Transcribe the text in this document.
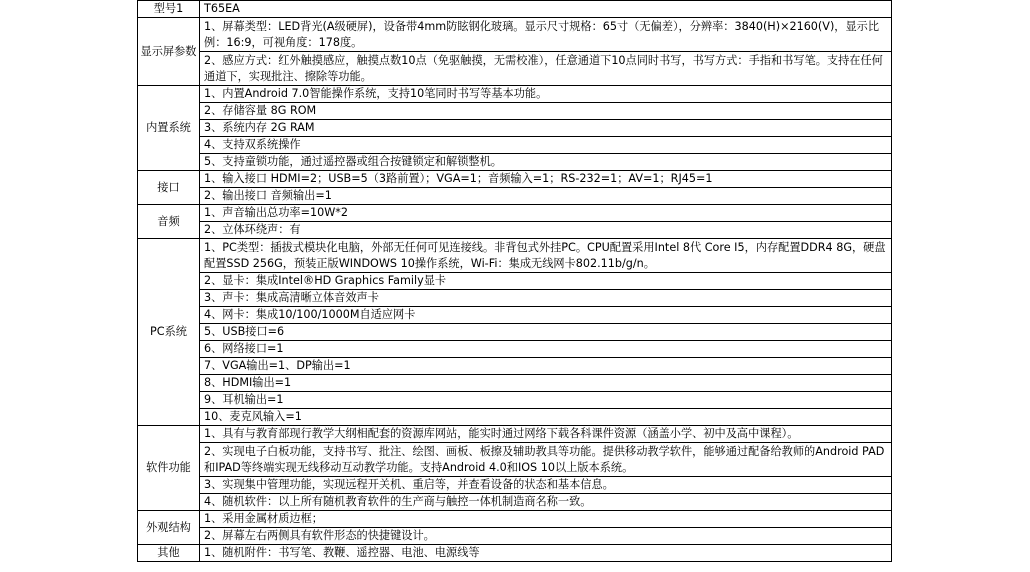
型号1	T65EA
显示屏参数	1、屏幕类型：LED背光(A级硬屏)，设备带4mm防眩钢化玻璃。显示尺寸规格：65寸（无偏差），分辨率：3840(H)×2160(V)，显示比例：16:9，可视角度：178度。

	2、感应方式：红外触摸感应，触摸点数10点（免驱触摸，无需校准），任意通道下10点同时书写，书写方式：手指和书写笔。支持在任何通道下，实现批注、擦除等功能。

内置系统	1、内置Android 7.0智能操作系统，支持10笔同时书写等基本功能。

	2、存储容量 8G ROM

	3、系统内存 2G RAM

	4、支持双系统操作

	5、支持童锁功能，通过遥控器或组合按键锁定和解锁整机。

接口	1、输入接口 HDMI=2；USB=5（3路前置）；VGA=1；音频输入=1；RS-232=1；AV=1；RJ45=1

	2、输出接口 音频输出=1

音频	1、声音输出总功率=10W*2

	2、立体环绕声：有

PC系统	1、PC类型：插拔式模块化电脑，外部无任何可见连接线。非背包式外挂PC。CPU配置采用Intel 8代 Core I5，内存配置DDR4 8G，硬盘配置SSD 256G，预装正版WINDOWS 10操作系统，Wi-Fi：集成无线网卡802.11b/g/n。

	2、显卡：集成Intel®HD Graphics Family显卡

	3、声卡：集成高清晰立体音效声卡

	4、网卡：集成10/100/1000M自适应网卡

	5、USB接口=6

	6、网络接口=1

	7、VGA输出=1、DP输出=1

	8、HDMI输出=1

	9、耳机输出=1

	10、麦克风输入=1

软件功能	1、具有与教育部现行教学大纲相配套的资源库网站，能实时通过网络下载各科课件资源（涵盖小学、初中及高中课程）。

	2、实现电子白板功能，支持书写、批注、绘图、画板、板擦及辅助教具等功能。提供移动教学软件，能够通过配备给教师的Android PAD和IPAD等终端实现无线移动互动教学功能。支持Android 4.0和IOS 10以上版本系统。

	3、实现集中管理功能，实现远程开关机、重启等，并查看设备的状态和基本信息。

	4、随机软件：以上所有随机教育软件的生产商与触控一体机制造商名称一致。

外观结构	1、采用金属材质边框；

	2、屏幕左右两侧具有软件形态的快捷键设计。

其他	1、随机附件：书写笔、教鞭、遥控器、电池、电源线等
